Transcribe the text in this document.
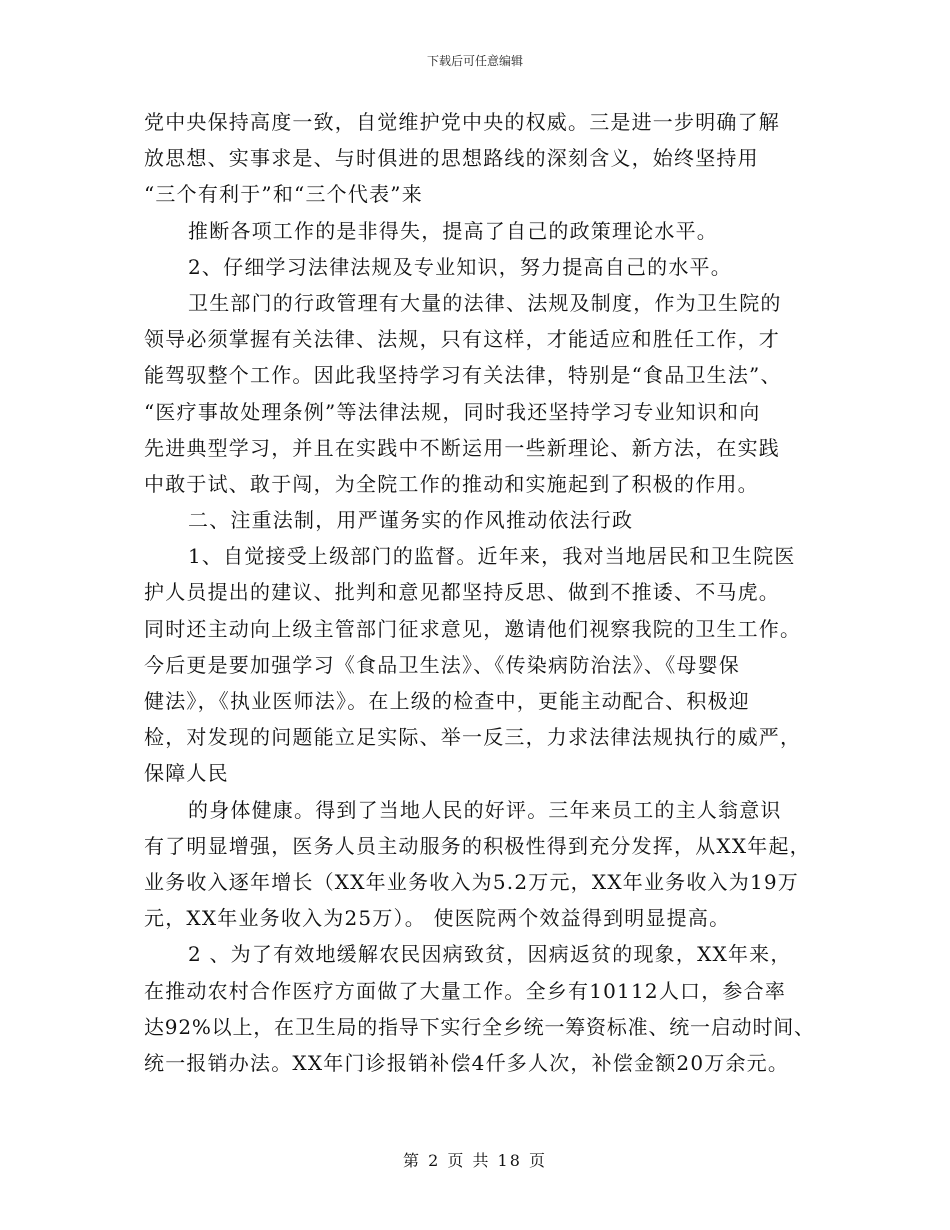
下载后可任意编辑
党中央保持高度一致，自觉维护党中央的权威。三是进一步明确了解
放思想、实事求是、与时俱进的思想路线的深刻含义，始终坚持用
“三个有利于”和“三个代表”来
推断各项工作的是非得失，提高了自己的政策理论水平。
2、仔细学习法律法规及专业知识，努力提高自己的水平。
卫生部门的行政管理有大量的法律、法规及制度，作为卫生院的
领导必须掌握有关法律、法规，只有这样，才能适应和胜任工作，才
能驾驭整个工作。因此我坚持学习有关法律，特别是“食品卫生法”、
“医疗事故处理条例”等法律法规，同时我还坚持学习专业知识和向
先进典型学习，并且在实践中不断运用一些新理论、新方法，在实践
中敢于试、敢于闯，为全院工作的推动和实施起到了积极的作用。
二、注重法制，用严谨务实的作风推动依法行政
1、自觉接受上级部门的监督。近年来，我对当地居民和卫生院医
护人员提出的建议、批判和意见都坚持反思、做到不推诿、不马虎。
同时还主动向上级主管部门征求意见，邀请他们视察我院的卫生工作。
今后更是要加强学习《食品卫生法》、《传染病防治法》、《母婴保
健法》，《执业医师法》。在上级的检查中，更能主动配合、积极迎
检，对发现的问题能立足实际、举一反三，力求法律法规执行的威严，
保障人民
的身体健康。得到了当地人民的好评。三年来员工的主人翁意识
有了明显增强，医务人员主动服务的积极性得到充分发挥，从XX年起，
业务收入逐年增长（XX年业务收入为5.2万元，XX年业务收入为19万
元，XX年业务收入为25万）。 使医院两个效益得到明显提高。
2 、为了有效地缓解农民因病致贫，因病返贫的现象，XX年来，
在推动农村合作医疗方面做了大量工作。全乡有10112人口，参合率
达92%以上，在卫生局的指导下实行全乡统一筹资标准、统一启动时间、
统一报销办法。XX年门诊报销补偿4仟多人次，补偿金额20万余元。
第 2 页 共 18 页
